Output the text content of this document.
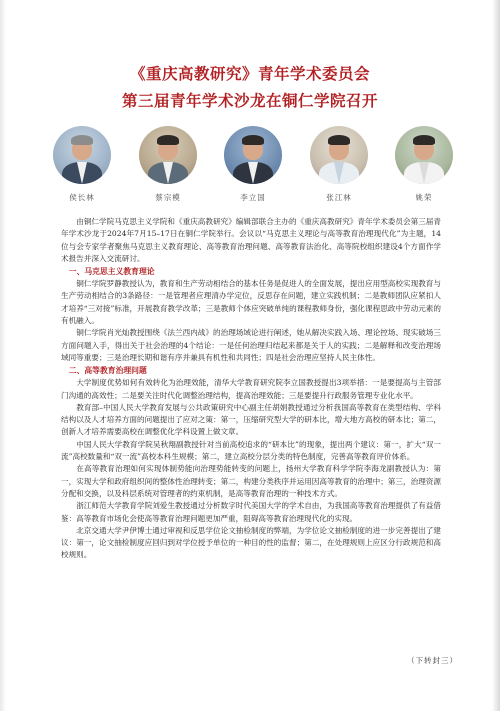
《重庆高教研究》青年学术委员会
第三届青年学术沙龙在铜仁学院召开
侯长林	蔡宗模	李立国	张江林	姚荣

由铜仁学院马克思主义学院和《重庆高教研究》编辑部联合主办的《重庆高教研究》青年学术委员会第三届青年学术沙龙于2024年7月15–17日在铜仁学院举行。会议以“马克思主义理论与高等教育治理现代化”为主题，14位与会专家学者聚焦马克思主义教育理论、高等教育治理问题、高等教育法治化、高等院校组织建设4个方面作学术报告并深入交流研讨。

一、马克思主义教育理论

铜仁学院罗静教授认为，教育和生产劳动相结合的基本任务是促进人的全面发展，提出应用型高校实现教育与生产劳动相结合的3条路径：一是管理者应理清办学定位，反思存在问题，建立实践机制；二是教师团队应紧扣人才培养“三对接”标准，开展教育教学改革；三是教师个体应突破单纯的课程教师身份，强化课程思政中劳动元素的有机融入。

铜仁学院肖光灿教授围绕《法兰西内战》的治理场域论进行阐述，她从解决实践入场、理论控场、现实破场三方面问题入手，得出关于社会治理的4个结论：一是任何治理归结起来都是关于人的实践；二是解释和改变治理场域同等重要；三是治理长期和谐有序并兼具有机性和共同性；四是社会治理应坚持人民主体性。

二、高等教育治理问题

大学制度优势如何有效转化为治理效能，清华大学教育研究院李立国教授提出3项举措：一是要提高与主管部门沟通的高效性；二是要关注时代化调整治理结构，提高治理效能；三是要提升行政服务管理专业化水平。

教育部–中国人民大学教育发展与公共政策研究中心副主任胡娟教授通过分析我国高等教育在类型结构、学科结构以及人才培养方面的问题提出了应对之策：第一，压缩研究型大学的研本比，增大地方高校的研本比；第二，创新人才培养需要高校在调整优化学科设置上做文章。

中国人民大学教育学院吴秋翔副教授针对当前高校追求的“研本比”的现象，提出两个建议：第一，扩大“双一流”高校数量和“双一流”高校本科生规模；第二，建立高校分层分类的特色制度，完善高等教育评价体系。

在高等教育治理如何实现体制势能向治理势能转变的问题上，扬州大学教育科学学院李海龙副教授认为：第一，实现大学和政府组织间的整体性治理转变；第二，构建分类秩序并运用因高等教育的治理中；第三，治理资源分配和交换，以及科层系统对管理者的约束机制，是高等教育治理的一种技术方式。

浙江师范大学教育学院刘爱生教授通过分析数字时代美国大学的学术自由，为我国高等教育治理提供了有益借鉴：高等教育市场化会使高等教育治理问题更加严重，阻碍高等教育治理现代化的实现。

北京交通大学尹伊博士通过审视和反思学位论文抽检制度的弊端，为学位论文抽检制度的进一步完善提出了建议：第一，论文抽检制度应回归到对学位授予单位的一种目的性的监督；第二，在处理规则上应区分行政规范和高校规则。

（下转封三）
